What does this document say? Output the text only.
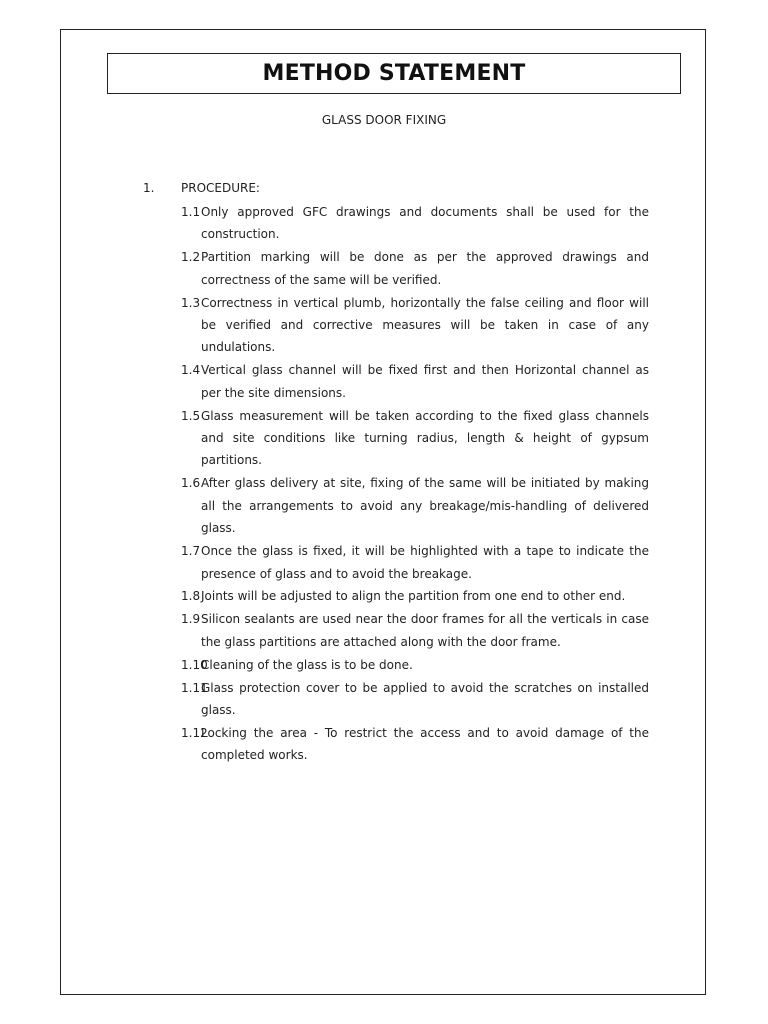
METHOD STATEMENT
GLASS DOOR FIXING
1.	PROCEDURE:
1.1 Only approved GFC drawings and documents shall be used for the construction.
1.2 Partition marking will be done as per the approved drawings and correctness of the same will be verified.
1.3 Correctness in vertical plumb, horizontally the false ceiling and floor will be verified and corrective measures will be taken in case of any undulations.
1.4 Vertical glass channel will be fixed first and then Horizontal channel as per the site dimensions.
1.5 Glass measurement will be taken according to the fixed glass channels and site conditions like turning radius, length & height of gypsum partitions.
1.6 After glass delivery at site, fixing of the same will be initiated by making all the arrangements to avoid any breakage/mis-handling of delivered glass.
1.7 Once the glass is fixed, it will be highlighted with a tape to indicate the presence of glass and to avoid the breakage.
1.8 Joints will be adjusted to align the partition from one end to other end.
1.9 Silicon sealants are used near the door frames for all the verticals in case the glass partitions are attached along with the door frame.
1.10
Cleaning of the glass is to be done.
1.11
Glass protection cover to be applied to avoid the scratches on installed glass.
1.12
Locking the area - To restrict the access and to avoid damage of the completed works.
